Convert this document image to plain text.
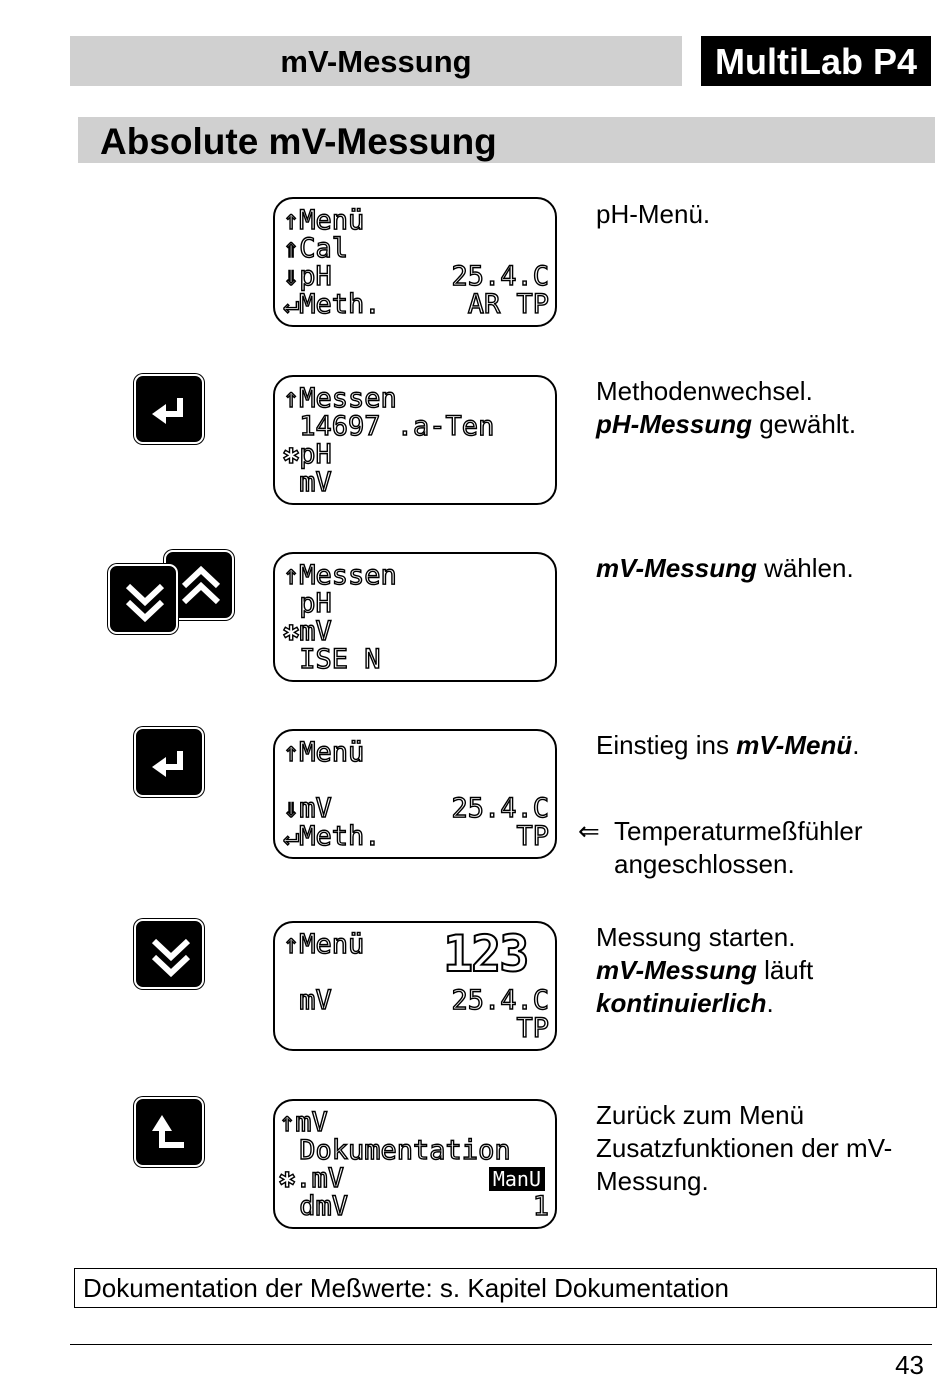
mV-Messung	MultiLab P4
Absolute mV-Messung
↑Menü
⇑Cal
⇓pH	25.4.C
↵Meth.	AR TP
pH-Menü.
↑Messen
14697 .a-Ten
✱pH
mV
Methodenwechsel.
pH-Messung gewählt.
↑Messen
pH
✱mV
ISE N
mV-Messung wählen.
↑Menü
⇓mV	25.4.C
↵Meth.	TP
Einstieg ins mV-Menü.
⇐ Temperaturmeßfühler angeschlossen.
↑Menü	123
mV	25.4.C
TP
Messung starten.
mV-Messung läuft
kontinuierlich.
↑mV
Dokumentation
✱.mV	ManU
dmV	1
Zurück zum Menü
Zusatzfunktionen der mV-
Messung.
Dokumentation der Meßwerte: s. Kapitel Dokumentation
43
